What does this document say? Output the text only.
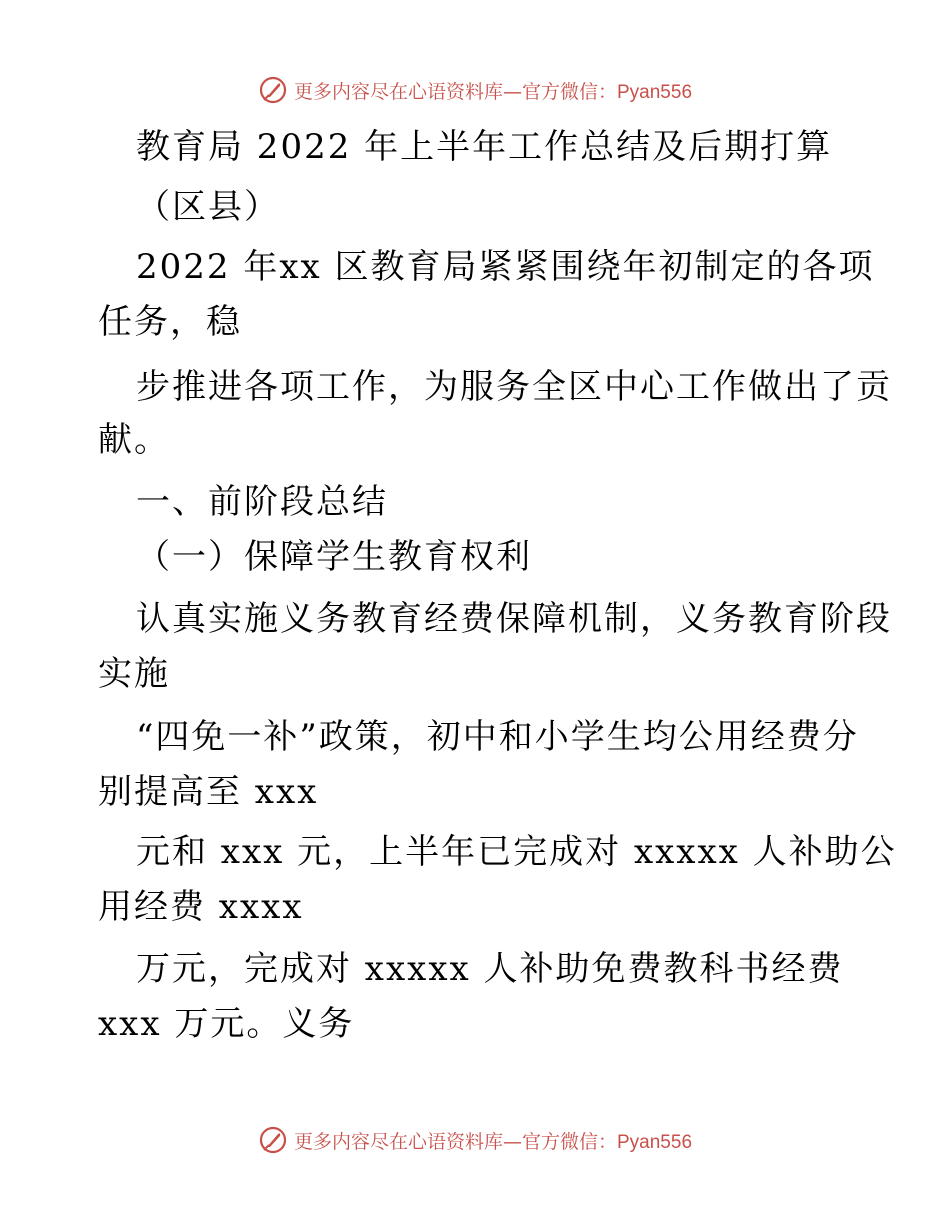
更多内容尽在心语资料库—官方微信：Pyan556
教育局 2022 年上半年工作总结及后期打算
（区县）
2022 年xx 区教育局紧紧围绕年初制定的各项
任务，稳
步推进各项工作，为服务全区中心工作做出了贡
献。
一、前阶段总结
（一）保障学生教育权利
认真实施义务教育经费保障机制，义务教育阶段
实施
“四免一补”政策，初中和小学生均公用经费分
别提高至 xxx
元和 xxx 元，上半年已完成对 xxxxx 人补助公
用经费 xxxx
万元，完成对 xxxxx 人补助免费教科书经费
xxx 万元。义务
更多内容尽在心语资料库—官方微信：Pyan556
